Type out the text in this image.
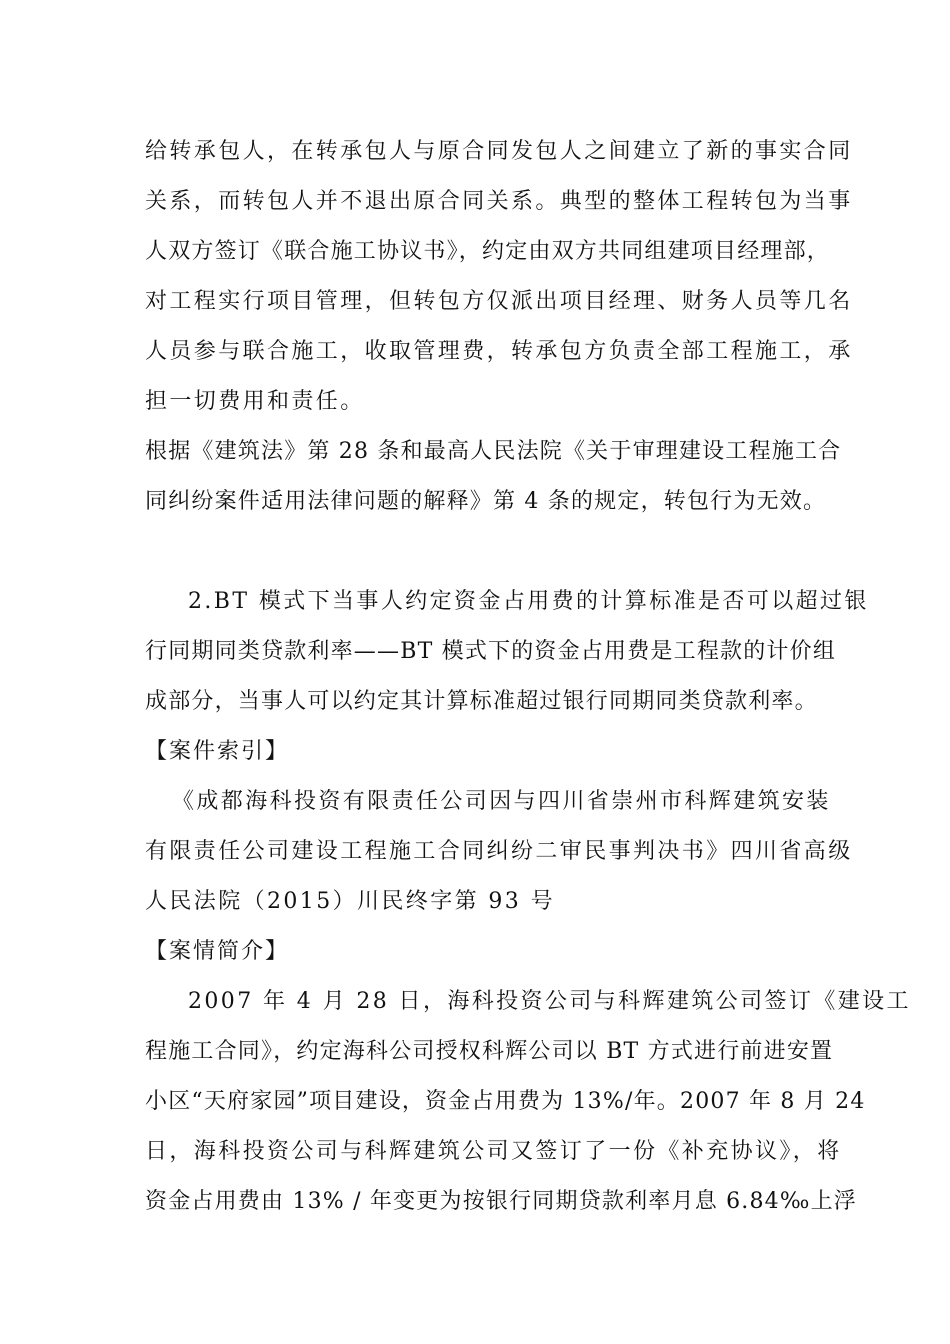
给转承包人，在转承包人与原合同发包人之间建立了新的事实合同
关系，而转包人并不退出原合同关系。典型的整体工程转包为当事
人双方签订《联合施工协议书》，约定由双方共同组建项目经理部，
对工程实行项目管理，但转包方仅派出项目经理、财务人员等几名
人员参与联合施工，收取管理费，转承包方负责全部工程施工，承
担一切费用和责任。
根据《建筑法》第 28 条和最高人民法院《关于审理建设工程施工合
同纠纷案件适用法律问题的解释》第 4 条的规定，转包行为无效。
2.BT 模式下当事人约定资金占用费的计算标准是否可以超过银
行同期同类贷款利率——BT 模式下的资金占用费是工程款的计价组
成部分，当事人可以约定其计算标准超过银行同期同类贷款利率。
【案件索引】
《成都海科投资有限责任公司因与四川省崇州市科辉建筑安装
有限责任公司建设工程施工合同纠纷二审民事判决书》四川省高级
人民法院（2015）川民终字第 93 号
【案情简介】
2007 年 4 月 28 日，海科投资公司与科辉建筑公司签订《建设工
程施工合同》，约定海科公司授权科辉公司以 BT 方式进行前进安置
小区“天府家园”项目建设，资金占用费为 13%/年。2007 年 8 月 24
日，海科投资公司与科辉建筑公司又签订了一份《补充协议》，将
资金占用费由 13% / 年变更为按银行同期贷款利率月息 6.84‰上浮
